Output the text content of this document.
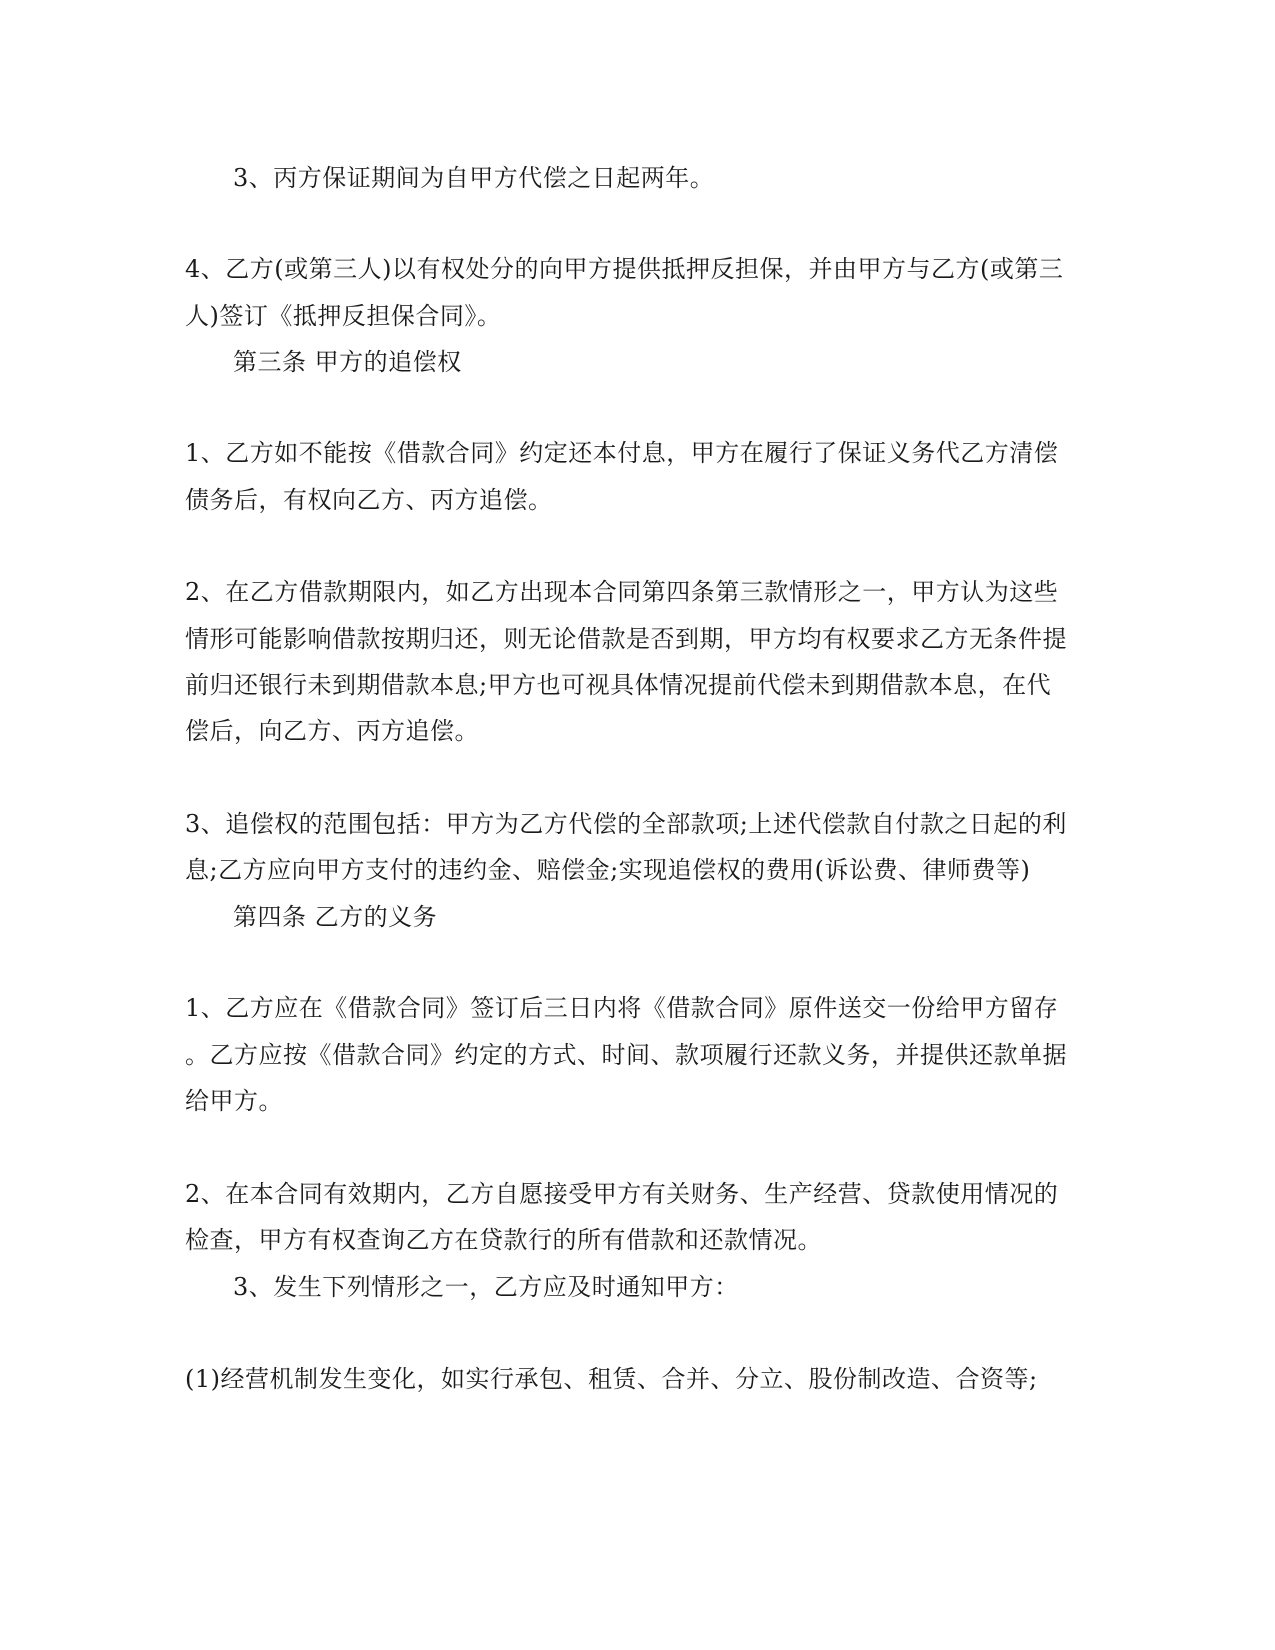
3、丙方保证期间为自甲方代偿之日起两年。
4、乙方(或第三人)以有权处分的向甲方提供抵押反担保，并由甲方与乙方(或第三
人)签订《抵押反担保合同》。
第三条 甲方的追偿权
1、乙方如不能按《借款合同》约定还本付息，甲方在履行了保证义务代乙方清偿
债务后，有权向乙方、丙方追偿。
2、在乙方借款期限内，如乙方出现本合同第四条第三款情形之一，甲方认为这些
情形可能影响借款按期归还，则无论借款是否到期，甲方均有权要求乙方无条件提
前归还银行未到期借款本息;甲方也可视具体情况提前代偿未到期借款本息，在代
偿后，向乙方、丙方追偿。
3、追偿权的范围包括：甲方为乙方代偿的全部款项;上述代偿款自付款之日起的利
息;乙方应向甲方支付的违约金、赔偿金;实现追偿权的费用(诉讼费、律师费等)
第四条 乙方的义务
1、乙方应在《借款合同》签订后三日内将《借款合同》原件送交一份给甲方留存
。乙方应按《借款合同》约定的方式、时间、款项履行还款义务，并提供还款单据
给甲方。
2、在本合同有效期内，乙方自愿接受甲方有关财务、生产经营、贷款使用情况的
检查，甲方有权查询乙方在贷款行的所有借款和还款情况。
3、发生下列情形之一，乙方应及时通知甲方：
(1)经营机制发生变化，如实行承包、租赁、合并、分立、股份制改造、合资等;
